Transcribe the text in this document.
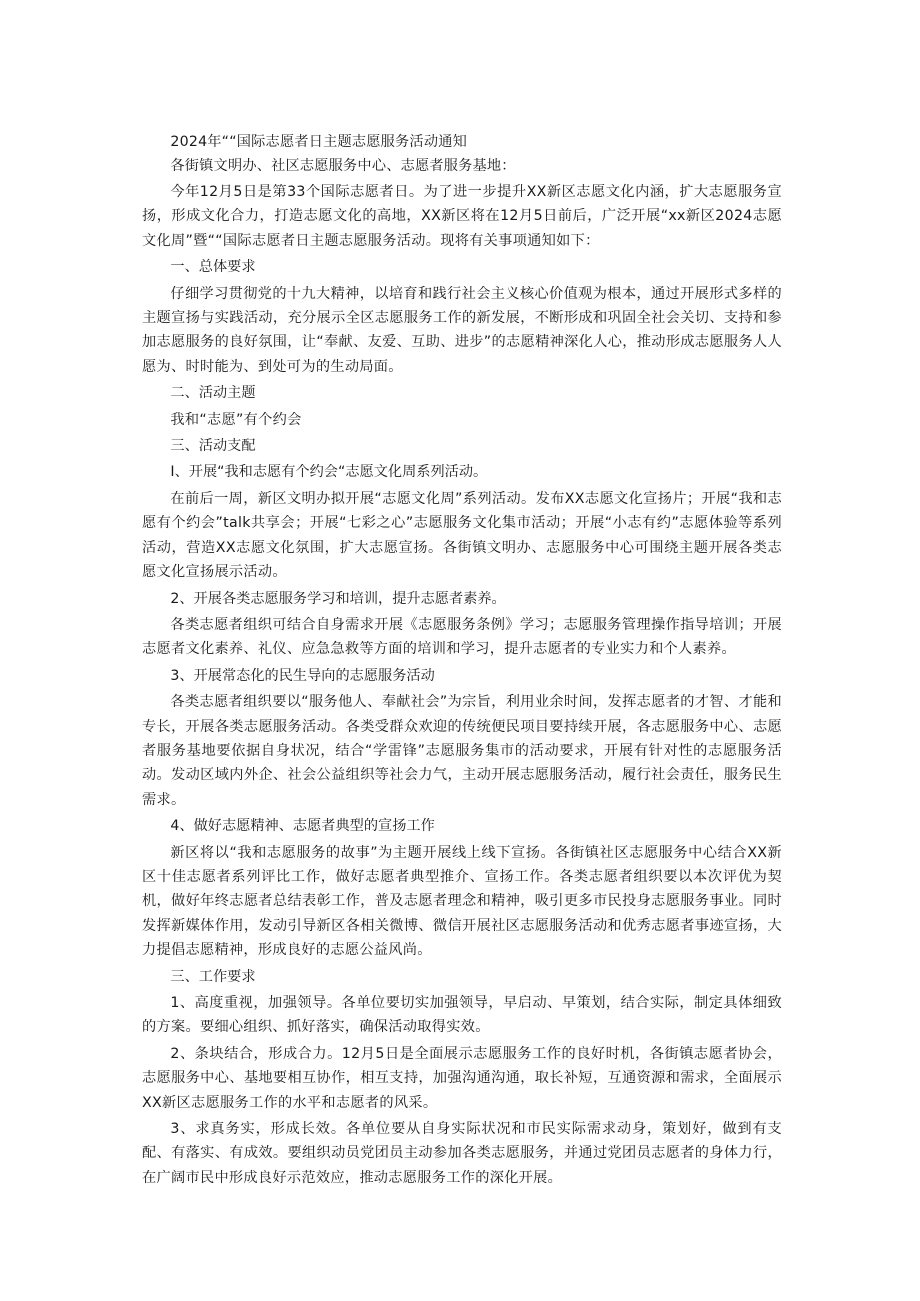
2024年““国际志愿者日主题志愿服务活动通知

各街镇文明办、社区志愿服务中心、志愿者服务基地：

今年12月5日是第33个国际志愿者日。为了进一步提升XX新区志愿文化内涵，扩大志愿服务宣扬，形成文化合力，打造志愿文化的高地，XX新区将在12月5日前后，广泛开展“xx新区2024志愿文化周”暨““国际志愿者日主题志愿服务活动。现将有关事项通知如下：

一、总体要求

仔细学习贯彻党的十九大精神，以培育和践行社会主义核心价值观为根本，通过开展形式多样的主题宣扬与实践活动，充分展示全区志愿服务工作的新发展，不断形成和巩固全社会关切、支持和参加志愿服务的良好氛围，让“奉献、友爱、互助、进步”的志愿精神深化人心，推动形成志愿服务人人愿为、时时能为、到处可为的生动局面。

二、活动主题

我和“志愿”有个约会

三、活动支配

I、开展“我和志愿有个约会“志愿文化周系列活动。

在前后一周，新区文明办拟开展“志愿文化周”系列活动。发布XX志愿文化宣扬片；开展“我和志愿有个约会”talk共享会；开展“七彩之心”志愿服务文化集市活动；开展“小志有约”志愿体验等系列活动，营造XX志愿文化氛围，扩大志愿宣扬。各街镇文明办、志愿服务中心可围绕主题开展各类志愿文化宣扬展示活动。

2、开展各类志愿服务学习和培训，提升志愿者素养。

各类志愿者组织可结合自身需求开展《志愿服务条例》学习；志愿服务管理操作指导培训；开展志愿者文化素养、礼仪、应急急救等方面的培训和学习，提升志愿者的专业实力和个人素养。

3、开展常态化的民生导向的志愿服务活动

各类志愿者组织要以“服务他人、奉献社会”为宗旨，利用业余时间，发挥志愿者的才智、才能和专长，开展各类志愿服务活动。各类受群众欢迎的传统便民项目要持续开展，各志愿服务中心、志愿者服务基地要依据自身状况，结合“学雷锋”志愿服务集市的活动要求，开展有针对性的志愿服务活动。发动区域内外企、社会公益组织等社会力气，主动开展志愿服务活动，履行社会责任，服务民生需求。

4、做好志愿精神、志愿者典型的宣扬工作

新区将以“我和志愿服务的故事”为主题开展线上线下宣扬。各街镇社区志愿服务中心结合XX新区十佳志愿者系列评比工作，做好志愿者典型推介、宣扬工作。各类志愿者组织要以本次评优为契机，做好年终志愿者总结表彰工作，普及志愿者理念和精神，吸引更多市民投身志愿服务事业。同时发挥新媒体作用，发动引导新区各相关微博、微信开展社区志愿服务活动和优秀志愿者事迹宣扬，大力提倡志愿精神，形成良好的志愿公益风尚。

三、工作要求

1、高度重视，加强领导。各单位要切实加强领导，早启动、早策划，结合实际，制定具体细致的方案。要细心组织、抓好落实，确保活动取得实效。

2、条块结合，形成合力。12月5日是全面展示志愿服务工作的良好时机，各街镇志愿者协会，志愿服务中心、基地要相互协作，相互支持，加强沟通沟通，取长补短，互通资源和需求，全面展示XX新区志愿服务工作的水平和志愿者的风采。

3、求真务实，形成长效。各单位要从自身实际状况和市民实际需求动身，策划好，做到有支配、有落实、有成效。要组织动员党团员主动参加各类志愿服务，并通过党团员志愿者的身体力行，在广阔市民中形成良好示范效应，推动志愿服务工作的深化开展。
